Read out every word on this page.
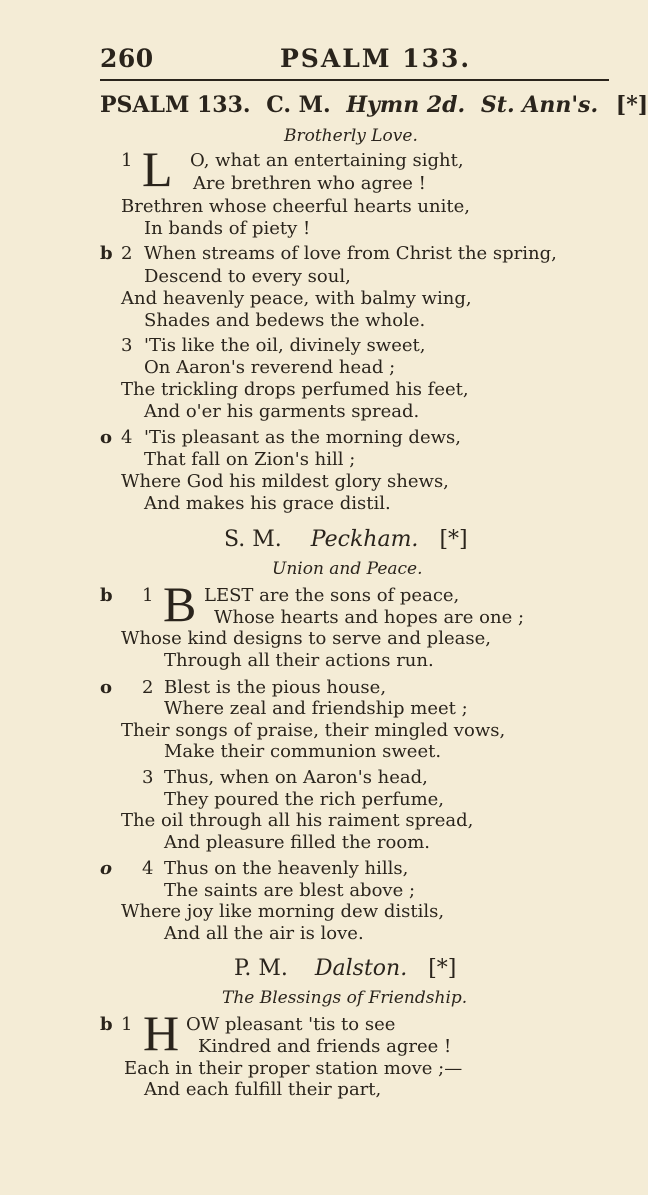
260	PSALM 133.
PSALM 133. C. M. Hymn 2d. St. Ann's. [*]
Brotherly Love.
1 L O, what an entertaining sight,
Are brethren who agree !
Brethren whose cheerful hearts unite,
In bands of piety !
b 2 When streams of love from Christ the spring,
Descend to every soul,
And heavenly peace, with balmy wing,
Shades and bedews the whole.
3 'Tis like the oil, divinely sweet,
On Aaron's reverend head ;
The trickling drops perfumed his feet,
And o'er his garments spread.
o 4 'Tis pleasant as the morning dews,
That fall on Zion's hill ;
Where God his mildest glory shews,
And makes his grace distil.
S. M. Peckham. [*]
Union and Peace.
b 1 B LEST are the sons of peace,
Whose hearts and hopes are one ;
Whose kind designs to serve and please,
Through all their actions run.
o 2 Blest is the pious house,
Where zeal and friendship meet ;
Their songs of praise, their mingled vows,
Make their communion sweet.
3 Thus, when on Aaron's head,
They poured the rich perfume,
The oil through all his raiment spread,
And pleasure filled the room.
o 4 Thus on the heavenly hills,
The saints are blest above ;
Where joy like morning dew distils,
And all the air is love.
P. M. Dalston. [*]
The Blessings of Friendship.
b 1 H OW pleasant 'tis to see
Kindred and friends agree !
Each in their proper station move ;—
And each fulfill their part,
